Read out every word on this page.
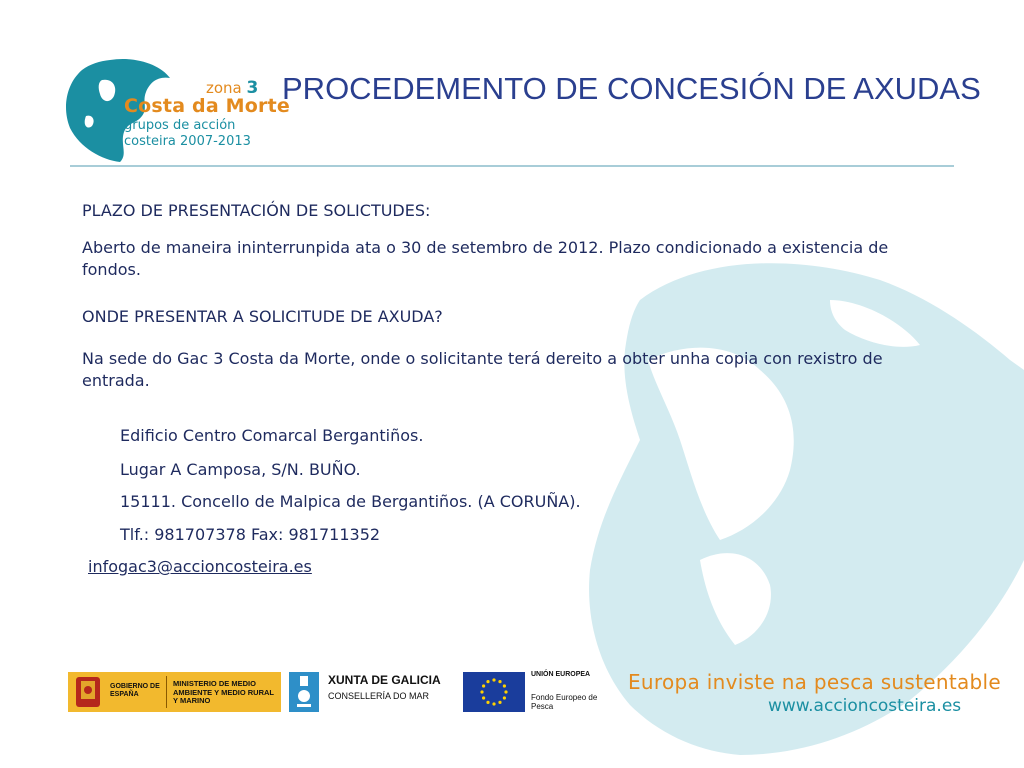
zona 3
Costa da Morte
grupos de acción
costeira 2007-2013
PROCEDEMENTO DE CONCESIÓN DE AXUDAS

PLAZO DE PRESENTACIÓN DE SOLICTUDES:

Aberto de maneira ininterrunpida ata o 30 de setembro de 2012. Plazo condicionado a existencia de fondos.

ONDE PRESENTAR A SOLICITUDE DE AXUDA?

Na sede do Gac 3 Costa da Morte, onde o solicitante terá dereito a obter unha copia con rexistro de entrada.

Edificio Centro Comarcal Bergantiños.

Lugar A Camposa, S/N. BUÑO.

15111. Concello de Malpica de Bergantiños. (A CORUÑA).

Tlf.: 981707378 Fax: 981711352

infogac3@accioncosteira.es
GOBIERNO DE ESPAÑA
MINISTERIO DE MEDIO AMBIENTE Y MEDIO RURAL Y MARINO
XUNTA DE GALICIA
CONSELLERÍA DO MAR
UNIÓN EUROPEA
Fondo Europeo de Pesca
Europa inviste na pesca sustentable
www.accioncosteira.es
